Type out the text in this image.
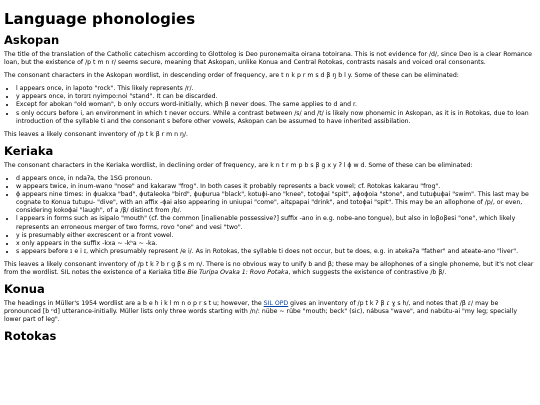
Language phonologies
Askopan

The title of the translation of the Catholic catechism according to Glottolog is Deo puronemaita oirana totoirana. This is not evidence for /d/, since Deo is a clear Romance loan, but the existence of /p t m n r/ seems secure, meaning that Askopan, unlike Konua and Central Rotokas, contrasts nasals and voiced oral consonants.

The consonant characters in the Askopan wordlist, in descending order of frequency, are t n k p r m s d β ŋ b l y. Some of these can be eliminated:

• l appears once, in lapoto "rock". This likely represents /r/.
• y appears once, in torɪrɪ nyimpo:noi "stand". It can be discarded.
• Except for abokan "old woman", b only occurs word-initially, which β never does. The same applies to d and r.
• s only occurs before i, an environment in which t never occurs. While a contrast between /s/ and /t/ is likely now phonemic in Askopan, as it is in Rotokas, due to loan introduction of the syllable ti and the consonant s before other vowels, Askopan can be assumed to have inherited assibilation.

This leaves a likely consonant inventory of /p t k β r m n ŋ/.

Keriaka

The consonant characters in the Keriaka wordlist, in declining order of frequency, are k n t r m p b s β g x y ʔ l ɸ w d. Some of these can be eliminated:

• d appears once, in ndaʔa, the 1SG pronoun.
• w appears twice, in inum-wano "nose" and kakaraw "frog". In both cases it probably represents a back vowel; cf. Rotokas kakarau "frog".
• ɸ appears nine times: in ɸuakxa "bad", ɸutaleoka "bird", ɸuɸurua "black", kotuɸi-ano "knee", totoɸai "spit", aɸoɸoia "stone", and tutuɸuɸai "swim". This last may be cognate to Konua tutupu- "dive", with an affix -ɸai also appearing in uniupai "come", aitɕpapai "drink", and totoɸai "spit". This may be an allophone of /p/, or even, considering kokoɸai "laugh", of a /β/ distinct from /b/.
• l appears in forms such as isipalo "mouth" (cf. the common [inalienable possessive?] suffix -ano in e.g. nobe-ano tongue), but also in loβoβesi "one", which likely represents an erroneous merger of two forms, rovo "one" and vesi "two".
• y is presumably either excrescent or a front vowel.
• x only appears in the suffix -kxa ~ -kʰa ~ -ka.
• s appears before ɪ e i ɪ, which presumably represent /e i/. As in Rotokas, the syllable ti does not occur, but te does, e.g. in atekaʔa "father" and ateate-ano "liver".

This leaves a likely consonant inventory of /p t k ʔ b r g β s m n/. There is no obvious way to unify b and β; these may be allophones of a single phoneme, but it's not clear from the wordlist. SIL notes the existence of a Keriaka title Bie Turipa Ovaka 1: Rovo Potaka, which suggests the existence of contrastive /b β/.

Konua

The headings in Müller's 1954 wordlist are a b e h i k l m n o p r s t u; however, the SIL OPD gives an inventory of /p t k ʔ β ɾ ɣ s h/, and notes that /β ɾ/ may be pronounced [b ⁿd] utterance-initially. Müller lists only three words starting with /n/: nübe ~ rübe "mouth; beck" (sic), nábusa "wave", and nabútu-ai "my leg; specially lower part of leg".

Rotokas
